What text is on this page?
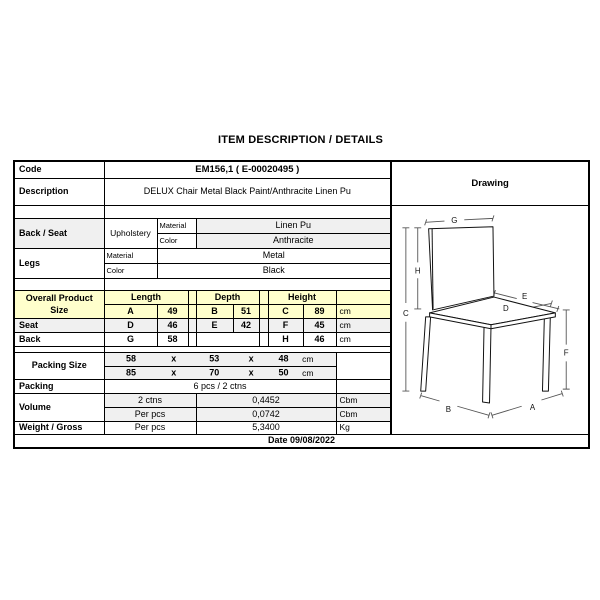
ITEM DESCRIPTION / DETAILS
Code	EM156,1 ( E-00020495 )									Drawing
Description	DELUX Chair Metal Black Paint/Anthracite Linen Pu									

G
H
C
E
D
F
B	A

Back / Seat	Upholstery	Material		Linen Pu						
		Color		Anthracite						
Legs	Material	Metal								
	Color	Black								

Overall Product
Size	Length			Depth			Height			
	A	49		B	51		C	89	cm	
Seat	D	46		E	42		F	45	cm	
Back	G	58					H	46	cm	

Packing Size	
58	x	53	x	48 cm

85	x	70	x	50 cm

Packing	6 pcs / 2 ctns									
Volume	2 ctns			0,4452					Cbm	
	Per pcs			0,0742					Cbm	
Weight / Gross	Per pcs			5,3400					Kg	
Date 09/08/2022										
